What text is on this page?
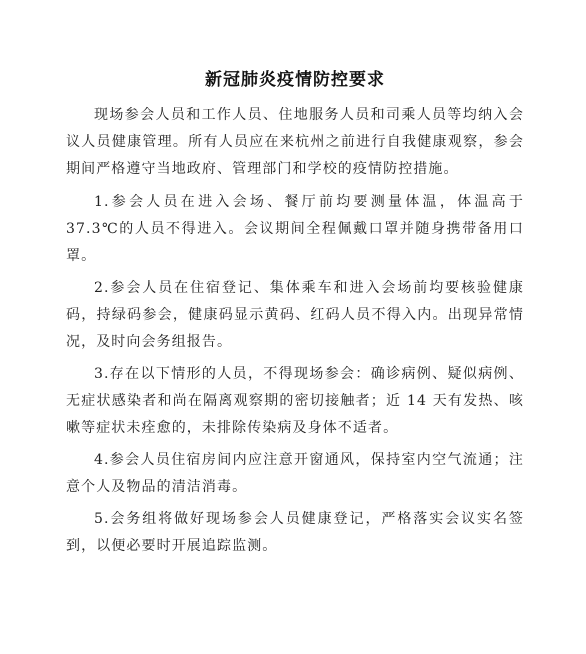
新冠肺炎疫情防控要求

现场参会人员和工作人员、住地服务人员和司乘人员等均纳入会议人员健康管理。所有人员应在来杭州之前进行自我健康观察，参会期间严格遵守当地政府、管理部门和学校的疫情防控措施。

1.参会人员在进入会场、餐厅前均要测量体温，体温高于37.3℃的人员不得进入。会议期间全程佩戴口罩并随身携带备用口罩。

2.参会人员在住宿登记、集体乘车和进入会场前均要核验健康码，持绿码参会，健康码显示黄码、红码人员不得入内。出现异常情况，及时向会务组报告。

3.存在以下情形的人员，不得现场参会：确诊病例、疑似病例、无症状感染者和尚在隔离观察期的密切接触者；近 14 天有发热、咳嗽等症状未痊愈的，未排除传染病及身体不适者。

4.参会人员住宿房间内应注意开窗通风，保持室内空气流通；注意个人及物品的清洁消毒。

5.会务组将做好现场参会人员健康登记，严格落实会议实名签到，以便必要时开展追踪监测。
